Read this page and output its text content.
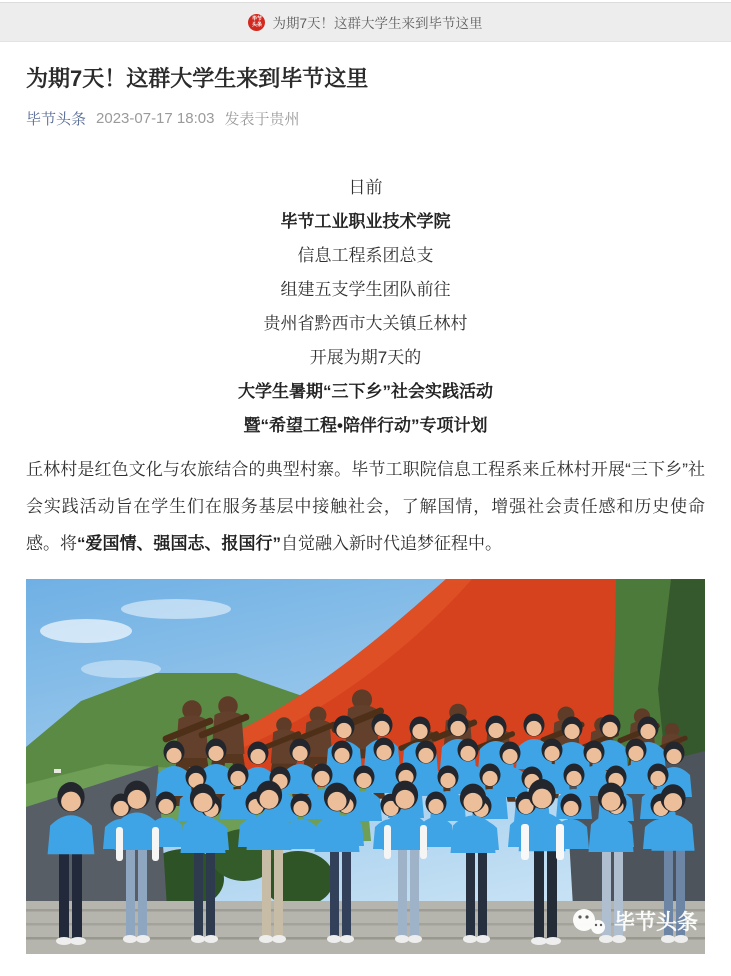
毕节
头条 为期7天！这群大学生来到毕节这里
为期7天！这群大学生来到毕节这里
毕节头条 2023-07-17 18:03 发表于贵州

日前

毕节工业职业技术学院

信息工程系团总支

组建五支学生团队前往

贵州省黔西市大关镇丘林村

开展为期7天的

大学生暑期“三下乡”社会实践活动

暨“希望工程•陪伴行动”专项计划

丘林村是红色文化与农旅结合的典型村寨。毕节工职院信息工程系来丘林村开展“三下乡”社会实践活动旨在学生们在服务基层中接触社会，了解国情，增强社会责任感和历史使命感。将“爱国情、强国志、报国行”自觉融入新时代追梦征程中。

毕节头条
